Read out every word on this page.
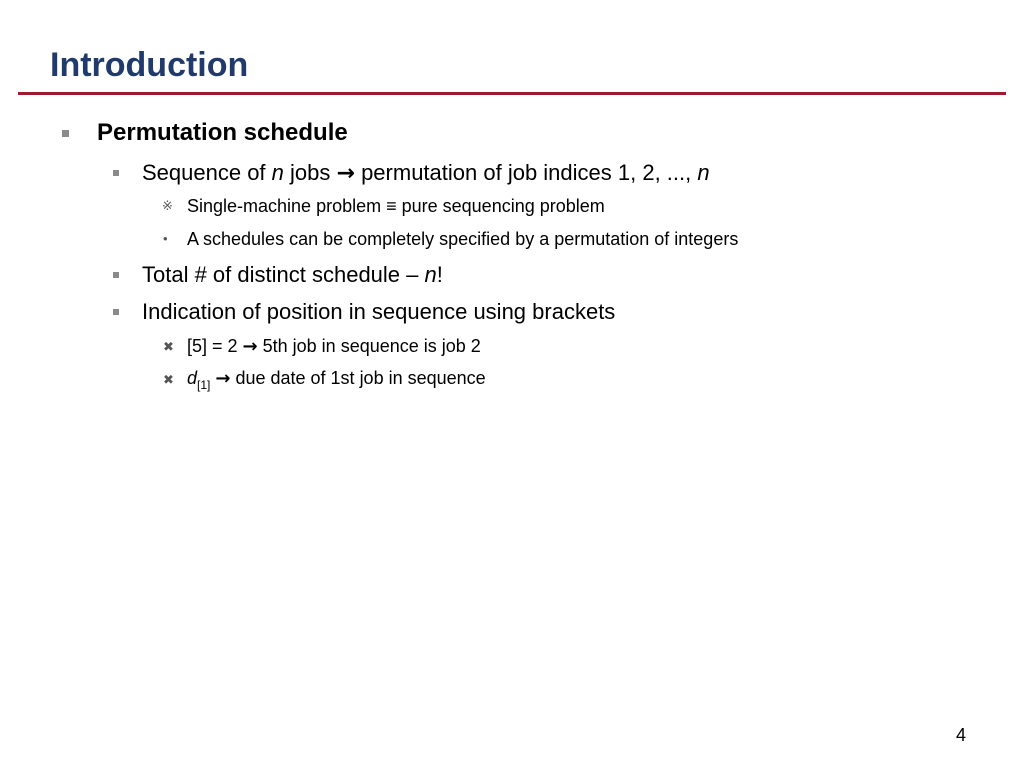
Introduction
Permutation schedule
Sequence of n jobs → permutation of job indices 1, 2, ..., n
※ Single-machine problem ≡ pure sequencing problem
• A schedules can be completely specified by a permutation of integers
Total # of distinct schedule – n!
Indication of position in sequence using brackets
✖ [5] = 2 → 5th job in sequence is job 2
✖ $d_{[1]}$ → due date of 1st job in sequence
4
